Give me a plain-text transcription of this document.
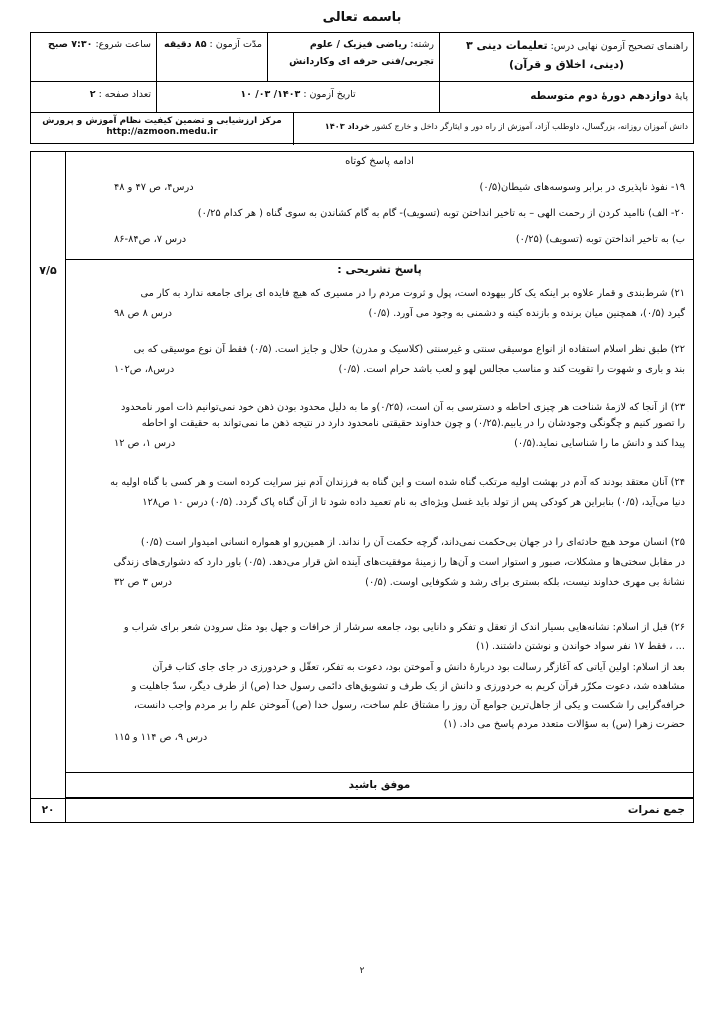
باسمه تعالی
راهنمای تصحیح آزمون نهایی درس: تعلیمات دینی ۳
(دینی، اخلاق و قرآن)
رشته: ریاضی فیزیک / علوم
تجربی/فنی حرفه ای وکاردانش
مدّت آزمون : ۸۵ دقیقه
ساعت شروع: ۷:۳۰ صبح
پایهٔ دوازدهم دورهٔ دوم متوسطه
تاریخ آزمون : ۱۴۰۳/ ۰۳/ ۱۰
تعداد صفحه : ۲
دانش آموزان روزانه، بزرگسال، داوطلب آزاد، آموزش از راه دور و ایثارگر داخل و خارج کشور خرداد ۱۴۰۳
مرکز ارزشیابی و تضمین کیفیت نظام آموزش و پرورش
http://azmoon.medu.ir
ادامه پاسخ کوتاه
۱۹- نفوذ ناپذیری در برابر وسوسه‌های شیطان(۰/۵)
درس۴، ص ۴۷ و ۴۸
۲۰- الف) ناامید کردن از رحمت الهی – به تاخیر انداختن توبه (تسویف)- گام به گام کشاندن به سوی گناه ( هر کدام ۰/۲۵)
ب) به تاخیر انداختن توبه (تسویف) (۰/۲۵)
درس ۷، ص۸۴-۸۶
۷/۵	پاسخ تشریحی :
۲۱) شرط‌بندی و قمار علاوه بر اینکه یک کار بیهوده است، پول و ثروت مردم را در مسیری که هیچ فایده ای برای جامعه ندارد به کار می
گیرد (۰/۵)، همچنین میان برنده و بازنده کینه و دشمنی به وجود می آورد. (۰/۵)
درس ۸ ص ۹۸
۲۲) طبق نظر اسلام استفاده از انواع موسیقی سنتی و غیرسنتی (کلاسیک و مدرن) حلال و جایز است. (۰/۵) فقط آن نوع موسیقی که بی
بند و باری و شهوت را تقویت کند و مناسب مجالس لهو و لعب باشد حرام است. (۰/۵)
درس۸، ص۱۰۲
۲۳) از آنجا که لازمهٔ شناخت هر چیزی احاطه و دسترسی به آن است، (۰/۲۵)و ما به دلیل محدود بودن ذهن خود نمی‌توانیم ذات امور نامحدود
را تصور کنیم و چگونگی وجودشان را در یابیم.(۰/۲۵) و چون خداوند حقیقتی نامحدود دارد در نتیجه ذهن ما نمی‌تواند به حقیقت او احاطه
پیدا کند و دانش ما را شناسایی نماید.(۰/۵)
درس ۱، ص ۱۲
۲۴) آنان معتقد بودند که آدم در بهشت اولیه مرتکب گناه شده است و این گناه به فرزندان آدم نیز سرایت کرده است و هر کسی با گناه اولیه به
دنیا می‌آید، (۰/۵) بنابراین هر کودکی پس از تولد باید غسل ویژه‌ای به نام تعمید داده شود تا از آن گناه پاک گردد. (۰/۵) درس ۱۰ ص۱۲۸
۲۵) انسان موحد هیچ حادثه‌ای را در جهان بی‌حکمت نمی‌داند، گرچه حکمت آن را نداند. از همین‌رو او همواره انسانی امیدوار است (۰/۵)
در مقابل سختی‌ها و مشکلات، صبور و استوار است و آن‌ها را زمینهٔ موفقیت‌های آینده اش قرار می‌دهد. (۰/۵) باور دارد که دشواری‌های زندگی
نشانهٔ بی مهری خداوند نیست، بلکه بستری برای رشد و شکوفایی اوست. (۰/۵)
درس ۳ ص ۳۲
۲۶) قبل از اسلام: نشانه‌هایی بسیار اندک از تعقل و تفکر و دانایی بود، جامعه سرشار از خرافات و جهل بود مثل سرودن شعر برای شراب و
... ، فقط ۱۷ نفر سواد خواندن و نوشتن داشتند. (۱)
بعد از اسلام: اولین آیاتی که آغازگر رسالت بود دربارهٔ دانش و آموختن بود، دعوت به تفکر، تعقّل و خردورزی در جای جای کتاب قرآن
مشاهده شد، دعوت مکرّر قرآن کریم به خردورزی و دانش از یک طرف و تشویق‌های دائمی رسول خدا (ص) از طرف دیگر، سدّ جاهلیت و
خرافه‌گرایی را شکست و یکی از جاهل‌ترین جوامع آن روز را مشتاق علم ساخت، رسول خدا (ص) آموختن علم را بر مردم واجب دانست،
حضرت زهرا (س) به سؤالات متعدد مردم پاسخ می داد. (۱)
درس ۹، ص ۱۱۴ و ۱۱۵
موفق باشید
جمع نمرات
۲۰
۲
